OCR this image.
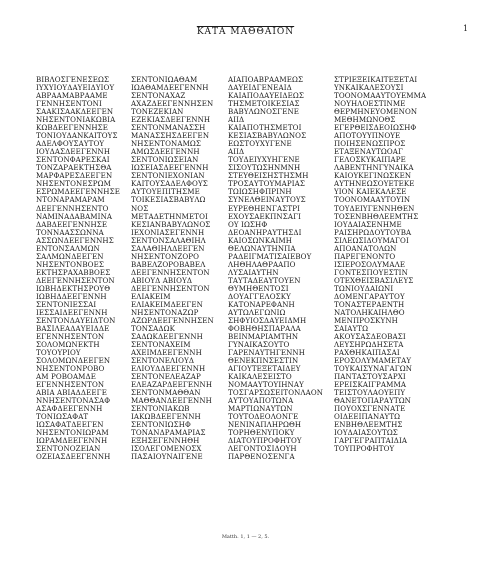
ΚΑΤΑ ΜΑΘΘΑΙΟΝ	1
ΒΙΒΛΟΣΓΕΝΕΣΕΩΣ
ΙΥΧΥΙΟΥΔΑΥΕΙΔΥΙΟΥ
ΑΒΡΑΑΜΑΒΡΑΑΜΕ
ΓΕΝΝΗΣΕΝΤΟΝΙ
ΣΑΑΚΙΣΑΑΚΔΕΕΓΕΝ
ΝΗΣΕΝΤΟΝΙΑΚΩΒΙΑ
ΚΩΒΔΕΕΓΕΝΝΗΣΕ
ΤΟΝΙΟΥΔΑΝΚΑΙΤΟΥΣ
ΑΔΕΛΦΟΥΣΑΥΤΟΥ
ΙΟΥΔΑΣΔΕΕΓΕΝΝΗ
ΣΕΝΤΟΝΦΑΡΕΣΚΑΙ
ΤΟΝΖΑΡΑΕΚΤΗΣΘΑ
ΜΑΡΦΑΡΕΣΔΕΕΓΕΝ
ΝΗΣΕΝΤΟΝΕΣΡΩΜ
ΕΣΡΩΜΔΕΕΓΕΝΝΗΣΕ
ΝΤΟΝΑΡΑΜΑΡΑΜ
ΔΕΕΓΕΝΝΗΣΕΝΤΟ
ΝΑΜΙΝΑΔΑΒΑΜΙΝΑ
ΔΑΒΔΕΕΓΕΝΝΗΣΕ
ΤΟΝΝΑΑΣΣΩΝΝΑ
ΑΣΣΩΝΔΕΕΓΕΝΝΗΣ
ΕΝΤΟΝΣΑΛΜΩΝ
ΣΑΛΜΩΝΔΕΕΓΕΝ
ΝΗΣΕΝΤΟΝΒΟΕΣ
ΕΚΤΗΣΡΑΧΑΒΒΟΕΣ
ΔΕΕΓΕΝΝΗΣΕΝΤΟΝ
ΙΩΒΗΔΕΚΤΗΣΡΟΥΘ
ΙΩΒΗΔΔΕΕΓΕΝΝΗ
ΣΕΝΤΟΝΙΕΣΣΑΙ
ΙΕΣΣΑΙΔΕΕΓΕΝΝΗ
ΣΕΝΤΟΝΔΑΥΕΙΔΤΟΝ
ΒΑΣΙΛΕΑΔΑΥΕΙΔΔΕ
ΕΓΕΝΝΗΣΕΝΤΟΝ
ΣΟΛΟΜΩΝΕΚΤΗ
ΤΟΥΟΥΡΙΟΥ
ΣΟΛΟΜΩΝΔΕΕΓΕΝ
ΝΗΣΕΝΤΟΝΡΟΒΟ
ΑΜ ΡΟΒΟΑΜΔΕ
ΕΓΕΝΝΗΣΕΝΤΟΝ
ΑΒΙΑ ΑΒΙΑΔΔΕΕΓΕ
ΝΝΗΣΕΝΤΟΝΑΣΑΦ
ΑΣΑΦΔΕΕΓΕΝΝΗ
ΤΟΝΙΩΣΑΦΑΤ
ΙΩΣΑΦΑΤΔΕΕΓΕΝ
ΝΗΣΕΝΤΟΝΙΩΡΑΜ
ΙΩΡΑΜΔΕΕΓΕΝΝΗ
ΣΕΝΤΟΝΟΖΕΙΑΝ
ΟΖΕΙΑΣΔΕΕΓΕΝΝΗ
ΣΕΝΤΟΝΙΩΑΘΑΜ
ΙΩΑΘΑΜΔΕΕΓΕΝΝΗ
ΣΕΝΤΟΝΑΧΑΖ
ΑΧΑΖΔΕΕΓΕΝΝΗΣΕΝ
ΤΟΝΕΖΕΚΙΑΝ
ΕΖΕΚΙΑΣΔΕΕΓΕΝΝΗ
ΣΕΝΤΟΝΜΑΝΑΣΣΗ
ΜΑΝΑΣΣΗΣΔΕΕΓΕΝ
ΝΗΣΕΝΤΟΝΑΜΩΣ
ΑΜΩΣΔΕΕΓΕΝΝΗ
ΣΕΝΤΟΝΙΩΣΕΙΑΝ
ΙΩΣΕΙΑΣΔΕΕΓΕΝΝΗ
ΣΕΝΤΟΝΙΕΧΟΝΙΑΝ
ΚΑΙΤΟΥΣΑΔΕΛΦΟΥΣ
ΑΥΤΟΥΕΠΙΤΗΣΜΕ
ΤΟΙΚΕΣΙΑΣΒΑΒΥΛΩ
ΝΟΣ
ΜΕΤΑΔΕΤΗΝΜΕΤΟΙ
ΚΕΣΙΑΝΒΑΒΥΛΩΝΟΣ
ΙΕΧΟΝΙΑΣΕΓΕΝΝΗ
ΣΕΝΤΟΝΣΑΛΑΘΙΗΛ
ΣΑΛΑΘΙΗΛΔΕΕΓΕΝ
ΝΗΣΕΝΤΟΝΖΟΡΟ
ΒΑΒΕΛΖΟΡΟΒΑΒΕΛ
ΔΕΕΓΕΝΝΗΣΕΝΤΟΝ
ΑΒΙΟΥΔ ΑΒΙΟΥΔ
ΔΕΕΓΕΝΝΗΣΕΝΤΟΝ
ΕΛΙΑΚΕΙΜ
ΕΛΙΑΚΕΙΜΔΕΕΓΕΝ
ΝΗΣΕΝΤΟΝΑΖΩΡ
ΑΖΩΡΔΕΕΓΕΝΝΗΣΕΝ
ΤΟΝΣΑΔΩΚ
ΣΑΔΩΚΔΕΕΓΕΝΝΗ
ΣΕΝΤΟΝΑΧΕΙΜ
ΑΧΕΙΜΔΕΕΓΕΝΝΗ
ΣΕΝΤΟΝΕΛΙΟΥΔ
ΕΛΙΟΥΔΔΕΕΓΕΝΝΗ
ΣΕΝΤΟΝΕΛΕΑΖΑΡ
ΕΛΕΑΖΑΡΔΕΕΓΕΝΝΗ
ΣΕΝΤΟΝΜΑΘΘΑΝ
ΜΑΘΘΑΝΔΕΕΓΕΝΝΗ
ΣΕΝΤΟΝΙΑΚΩΒ
ΙΑΚΩΒΔΕΕΓΕΝΝΗ
ΣΕΝΤΟΝΙΩΣΗΦ
ΤΟΝΑΝΔΡΑΜΑΡΙΑΣ
ΕΞΗΣΕΓΕΝΝΗΘΗ
ΙΣΟΛΕΓΟΜΕΝΟΣΧ
ΠΑΣΑΙΟΥΝΑΙΓΕΝΕ
ΑΙΑΠΟΑΒΡΑΑΜΕΩΣ
ΔΑΥΕΙΔΓΕΝΕΑΙΔ
ΚΑΙΑΠΟΔΑΥΕΙΔΕΩΣ
ΤΗΣΜΕΤΟΙΚΕΣΙΑΣ
ΒΑΒΥΛΩΝΟΣΓΕΝΕ
ΑΙΙΔ
ΚΑΙΑΠΟΤΗΣΜΕΤΟΙ
ΚΕΣΙΑΣΒΑΒΥΛΩΝΟΣ
ΕΩΣΤΟΥΧΥΓΕΝΕ
ΑΙΙΔ
ΤΟΥΔΕΙΥΧΥΗΓΕΝΕ
ΣΙΣΟΥΤΩΣΗΝΜΝΗ
ΣΤΕΥΘΕΙΣΗΣΤΗΣΜΗ
ΤΡΟΣΑΥΤΟΥΜΑΡΙΑΣ
ΤΩΙΩΣΗΦΠΡΙΝΗ
ΣΥΝΕΛΘΕΙΝΑΥΤΟΥΣ
ΕΥΡΕΘΗΕΝΓΑΣΤΡΙ
ΕΧΟΥΣΑΕΚΠΝΣΑΓΙ
ΟΥ ΙΩΣΗΦ
ΔΕΟΑΝΗΡΑΥΤΗΣΔΙ
ΚΑΙΟΣΩΝΚΑΙΜΗ
ΘΕΛΩΝΑΥΤΗΝΠΑ
ΡΑΔΕΙΓΜΑΤΙΣΑΙΕΒΟΥ
ΛΗΘΗΛΑΘΡΑΑΠΟ
ΛΥΣΑΙΑΥΤΗΝ
ΤΑΥΤΑΔΕΑΥΤΟΥΕΝ
ΘΥΜΗΘΕΝΤΟΣΙ
ΔΟΥΑΓΓΕΛΟΣΚΥ
ΚΑΤΟΝΑΡΕΦΑΝΗ
ΑΥΤΩΛΕΓΩΝΙΩ
ΣΗΦΥΙΟΣΔΑΥΕΙΔΜΗ
ΦΟΒΗΘΗΣΠΑΡΑΛΑ
ΒΕΙΝΜΑΡΙΑΜΤΗΝ
ΓΥΝΑΙΚΑΣΟΥΤΟ
ΓΑΡΕΝΑΥΤΗΓΕΝΝΗ
ΘΕΝΕΚΠΝΣΕΣΤΙΝ
ΑΓΙΟΥΤΕΞΕΤΑΙΔΕΥ
ΚΑΙΚΑΛΕΣΕΙΣΤΟ
ΝΟΜΑΑΥΤΟΥΙΗΝΑΥ
ΤΟΣΓΑΡΣΩΣΕΙΤΟΝΛΑΟΝ
ΑΥΤΟΥΑΠΟΤΩΝΑ
ΜΑΡΤΙΩΝΑΥΤΩΝ
ΤΟΥΤΟΔΕΟΛΟΝΓΕ
ΝΕΝΙΝΑΠΛΗΡΩΘΗ
ΤΟΡΗΘΕΝΥΠΟΚΥ
ΔΙΑΤΟΥΠΡΟΦΗΤΟΥ
ΛΕΓΟΝΤΟΣΙΔΟΥΗ
ΠΑΡΘΕΝΟΣΕΝΓΑ
ΣΤΡΙΕΞΕΙΚΑΙΤΕΞΕΤΑΙ
ΥΝΚΑΙΚΑΛΕΣΟΥΣΙ
ΤΟΟΝΟΜΑΑΥΤΟΥΕΜΜΑ
ΝΟΥΗΛΟΕΣΤΙΝΜΕ
ΘΕΡΜΗΝΕΥΟΜΕΝΟΝ
ΜΕΘΗΜΩΝΟΘΣ
ΕΓΕΡΘΕΙΣΔΕΟΙΩΣΗΦ
ΑΠΟΤΟΥΥΠΝΟΥΕ
ΠΟΙΗΣΕΝΩΣΠΡΟΣ
ΕΤΑΞΕΝΑΥΤΩΟΑΓ
ΓΕΛΟΣΚΥΚΑΙΠΑΡΕ
ΛΑΒΕΝΤΗΝΓΥΝΑΙΚΑ
ΚΑΙΟΥΚΕΓΙΝΩΣΚΕΝ
ΑΥΤΗΝΕΩΣΟΥΕΤΕΚΕ
ΥΙΟΝ ΚΑΙΕΚΑΛΕΣΕ
ΤΟΟΝΟΜΑΑΥΤΟΥΙΝ
ΤΟΥΔΕΙΥΓΕΝΝΗΘΕΝ
ΤΟΣΕΝΒΗΘΛΕΕΜΤΗΣ
ΙΟΥΔΑΙΑΣΕΝΗΜΕ
ΡΑΙΣΗΡΩΔΟΥΤΟΥΒΑ
ΣΙΛΕΩΣΙΔΟΥΜΑΓΟΙ
ΑΠΟΑΝΑΤΟΛΩΝ
ΠΑΡΕΓΕΝΟΝΤΟ
ΙΣΙΕΡΟΣΟΛΥΜΑΛΕ
ΓΟΝΤΕΣΠΟΥΕΣΤΙΝ
ΟΤΕΧΘΕΙΣΒΑΣΙΛΕΥΣ
ΤΩΝΙΟΥΔΑΙΩΝΙ
ΔΟΜΕΝΓΑΡΑΥΤΟΥ
ΤΟΝΑΣΤΕΡΑΕΝΤΗ
ΝΑΤΟΛΗΚΑΙΗΛΘΟ
ΜΕΝΠΡΟΣΚΥΝΗ
ΣΑΙΑΥΤΩ
ΑΚΟΥΣΑΣΔΕΟΒΑΣΙ
ΛΕΥΣΗΡΩΔΗΣΕΤΑ
ΡΑΧΘΗΚΑΙΠΑΣΑΙ
ΕΡΟΣΟΛΥΜΑΜΕΤΑΥ
ΤΟΥΚΑΙΣΥΝΑΓΑΓΩΝ
ΠΑΝΤΑΣΤΟΥΣΑΡΧΙ
ΕΡΕΙΣΚΑΙΓΡΑΜΜΑ
ΤΕΙΣΤΟΥΛΑΟΥΕΠΥ
ΘΑΝΕΤΟΠΑΡΑΥΤΩΝ
ΠΟΥΟΧΣΓΕΝΝΑΤΕ
ΟΙΔΕΕΙΠΑΝΑΥΤΩ
ΕΝΒΗΘΛΕΕΜΤΗΣ
ΙΟΥΔΑΙΑΣΟΥΤΩΣ
ΓΑΡΓΕΓΡΑΠΤΑΙΔΙΑ
ΤΟΥΠΡΟΦΗΤΟΥ
Matth. 1, 1 — 2, 5.
